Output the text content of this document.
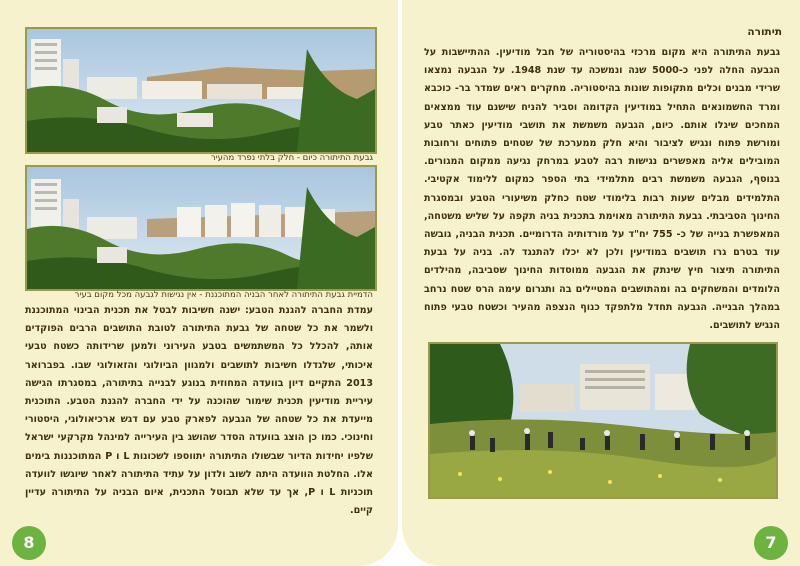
גבעת התיתורה כיום - חלק בלתי נפרד מהעיר
הדמיית גבעת התיתורה לאחר הבניה המתוכננת - אין נגישות לגבעה מכל מקום בעיר

עמדת החברה להגנת הטבע: ישנה חשיבות לבטל את תכנית הבינוי המתוכננת ולשמר את כל שטחה של גבעת התיתורה לטובת התושבים הרבים הפוקדים אותה, להכלל כל המשתמשים בטבע העירוני ולמען שרידותה כשטח טבעי איכותי, שלגדלו חשיבות לתושבים ולמגוון הביולוגי והזאולוגי שבו. בפברואר 2013 התקיים דיון בוועדה המחוזית בנוגע לבנייה בתיתורה, במסגרתו הגישה עיריית מודיעין תכנית שימור שהוכנה על ידי החברה להגנת הטבע. התוכנית מייעדת את כל שטחה של הגבעה לפארק טבע עם דגש ארכיאולוגי, היסטורי וחינוכי. כמו כן הוצג בוועדה הסדר שהושג בין העירייה למינהל מקרקעי ישראל שלפיו יחידות הדיור שבשולו התיתורה יתווספו לשכונות L ו P המתוכננות בימים אלו. החלטת הוועדה היתה לשוב ולדון על עתיד התיתורה לאחר שיוגשו לוועדה תוכניות L ו P, אך עד שלא תבוטל התכנית, איום הבניה על התיתורה עדיין קיים.

8

תיתורה

גבעת התיתורה היא מקום מרכזי בהיסטוריה של חבל מודיעין. ההתיישבות על הגבעה החלה לפני כ-5000 שנה ונמשכה עד שנת 1948. על הגבעה נמצאו שרידי מבנים וכלים מתקופות שונות בהיסטוריה. מחקרים ראים שמדר בר- כוכבא ומרד החשמונאים התחיל במודיעין הקדומה וסביר להניח שישנם עוד ממצאים המחכים שיגלו אותם. כיום, הגבעה משמשת את תושבי מודיעין כאתר טבע ומורשת פתוח ונגיש לציבור והיא חלק ממערכת של שטחים פתוחים ורחובות המובילים אליה מאפשרים נגישות רבה לטבע במרחק נגיעה ממקום המגורים. בנוסף, הגבעה משמשת רבים מתלמידי בתי הספר כמקום ללימוד אקטיבי. התלמידים מבלים שעות רבות בלימודי שטח כחלק משיעורי הטבע ובמסגרת החינוך הסביבתי. גבעת התיתורה מאוימת בתכנית בניה תקפה על שליש משטחה, המאפשרת בנייה של כ- 755 יח"ד על מורדותיה הדרומיים. תכנית הבניה, גובשה עוד בטרם גרו תושבים במודיעין ולכן לא יכלו להתנגד לה. בניה על גבעת התיתורה תיצור חיץ שינתק את הגבעה ממוסדות החינוך שסביבה, מהילדים הלומדים והמשחקים בה ומהתושבים המטיילים בה ותגרום עימה הרס שטח נרחב במהלך הבנייה. הגבעה תחדל מלתפקד כנוף הנצפה מהעיר וכשטח טבעי פתוח הנגיש לתושבים.

7
